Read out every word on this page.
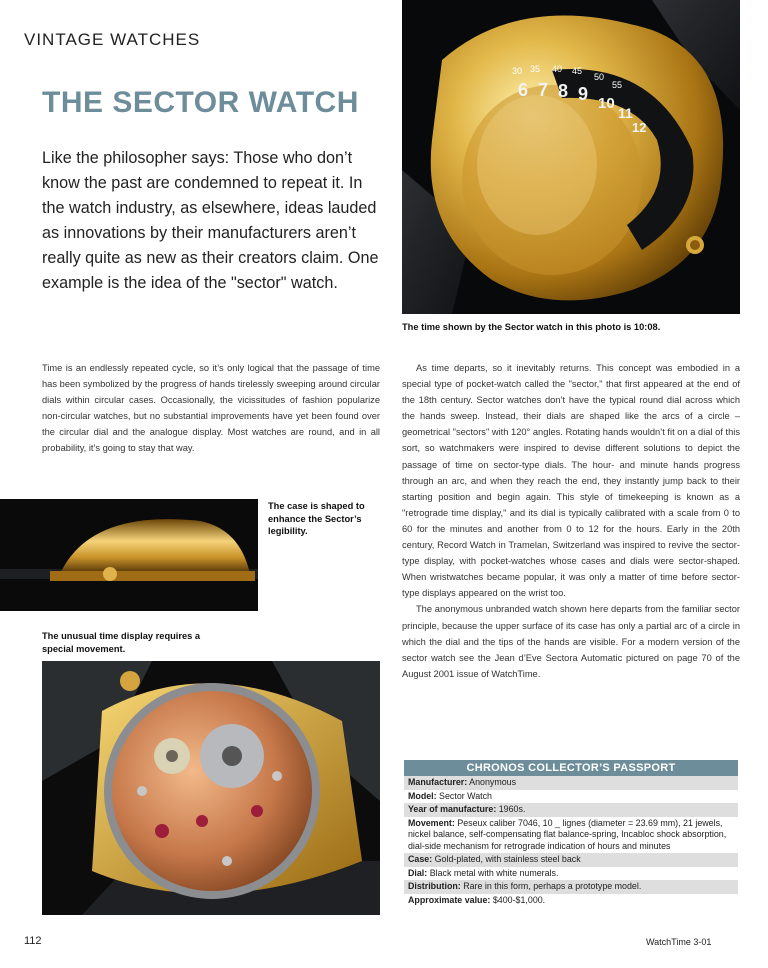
VINTAGE WATCHES
THE SECTOR WATCH
Like the philosopher says: Those who don’t know the past are condemned to repeat it. In the watch industry, as elsewhere, ideas lauded as innovations by their manufacturers aren’t really quite as new as their creators claim. One example is the idea of the "sector" watch.
30 35 40 45
50
55
6 7 8 9 10
11
12
The time shown by the Sector watch in this photo is 10:08.
Time is an endlessly repeated cycle, so it’s only logical that the passage of time has been symbolized by the progress of hands tirelessly sweeping around circular dials within circular cases. Occasionally, the vicissitudes of fashion popularize non-circular watches, but no substantial improvements have yet been found over the circular dial and the analogue display. Most watches are round, and in all probability, it’s going to stay that way.
The case is shaped to enhance the Sector’s legibility.
The unusual time display requires a special movement.

As time departs, so it inevitably returns. This concept was embodied in a special type of pocket-watch called the "sector," that first appeared at the end of the 18th century. Sector watches don’t have the typical round dial across which the hands sweep. Instead, their dials are shaped like the arcs of a circle – geometrical "sectors" with 120° angles. Rotating hands wouldn’t fit on a dial of this sort, so watchmakers were inspired to devise different solutions to depict the passage of time on sector-type dials. The hour- and minute hands progress through an arc, and when they reach the end, they instantly jump back to their starting position and begin again. This style of timekeeping is known as a "retrograde time display," and its dial is typically calibrated with a scale from 0 to 60 for the minutes and another from 0 to 12 for the hours. Early in the 20th century, Record Watch in Tramelan, Switzerland was inspired to revive the sector-type display, with pocket-watches whose cases and dials were sector-shaped. When wristwatches became popular, it was only a matter of time before sector-type displays appeared on the wrist too.

The anonymous unbranded watch shown here departs from the familiar sector principle, because the upper surface of its case has only a partial arc of a circle in which the dial and the tips of the hands are visible. For a modern version of the sector watch see the Jean d’Eve Sectora Automatic pictured on page 70 of the August 2001 issue of WatchTime.

CHRONOS COLLECTOR’S PASSPORT
Manufacturer: Anonymous
Model: Sector Watch
Year of manufacture: 1960s.
Movement: Peseux caliber 7046, 10 _ lignes (diameter = 23.69 mm), 21 jewels, nickel balance, self-compensating flat balance-spring, Incabloc shock absorption, dial-side mechanism for retrograde indication of hours and minutes
Case: Gold-plated, with stainless steel back
Dial: Black metal with white numerals.
Distribution: Rare in this form, perhaps a prototype model.
Approximate value: $400-$1,000.
112	WatchTime 3-01
